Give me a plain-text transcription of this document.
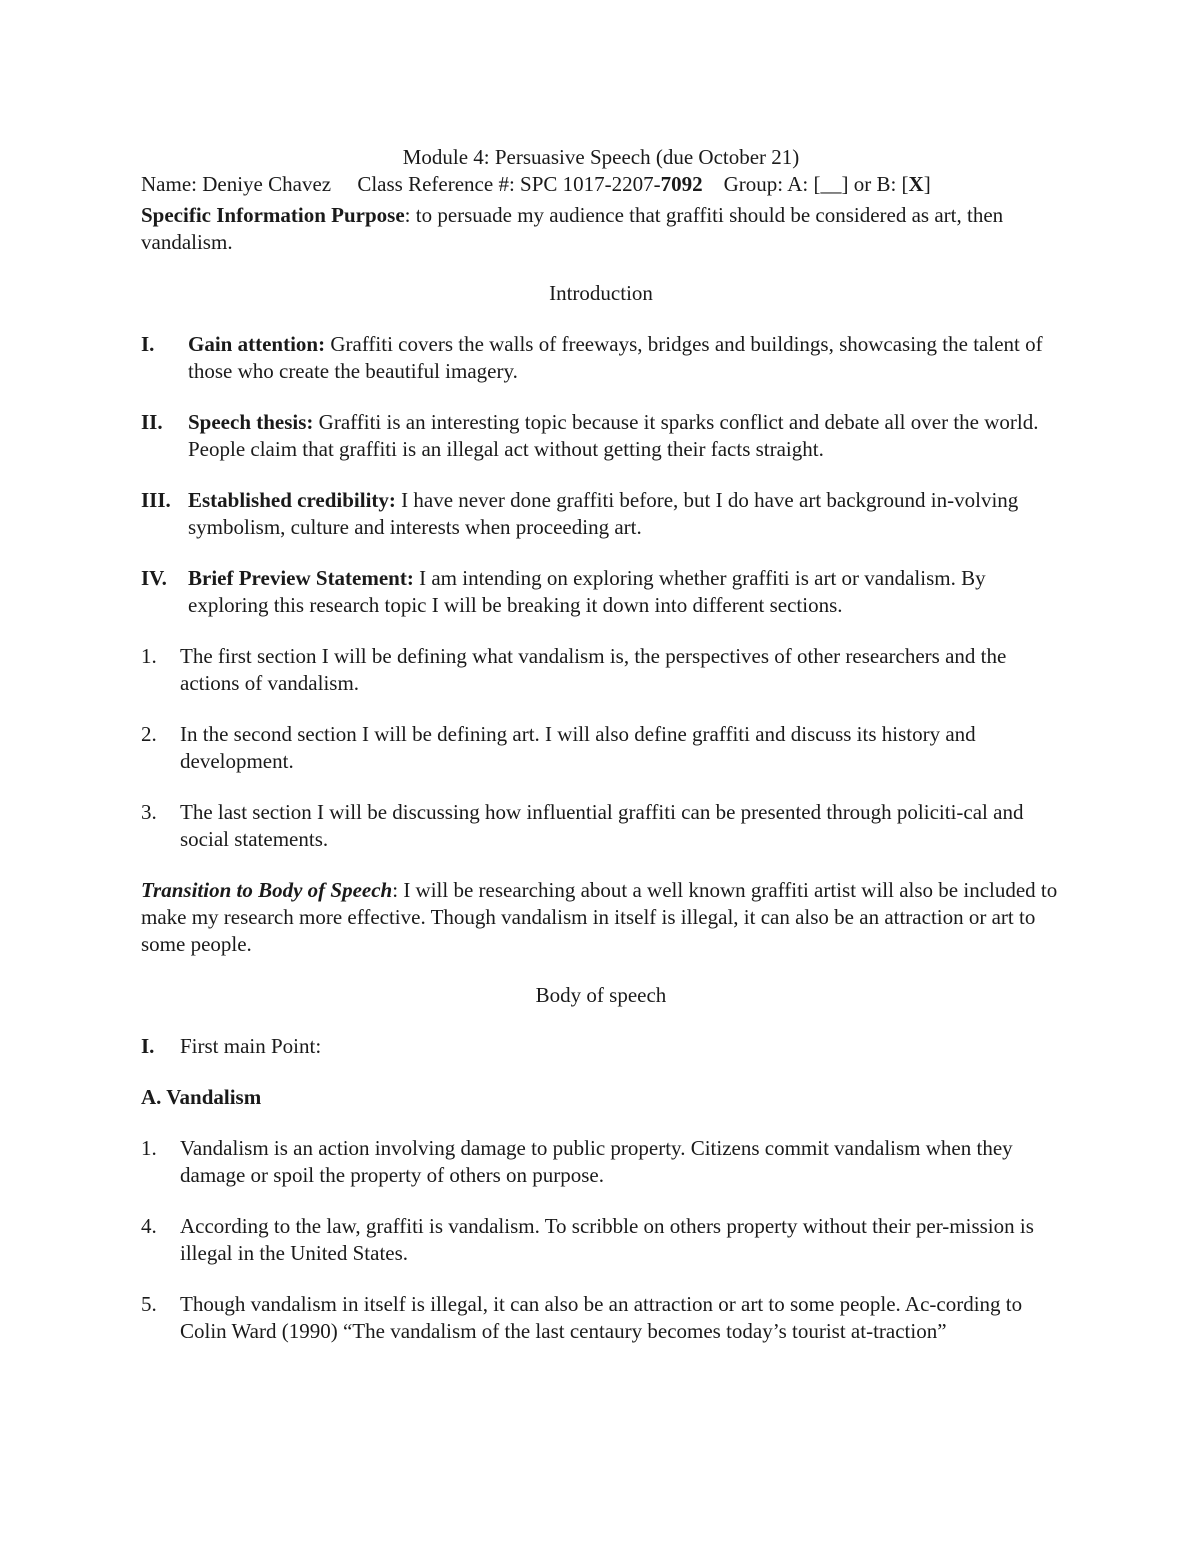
Module 4: Persuasive Speech (due October 21)

Name: Deniye Chavez Class Reference #: SPC 1017-2207-7092 Group: A: [__] or B: [X]

Specific Information Purpose: to persuade my audience that graffiti should be considered as art, then vandalism.

Introduction

I. Gain attention: Graffiti covers the walls of freeways, bridges and buildings, showcasing the talent of those who create the beautiful imagery.
II. Speech thesis: Graffiti is an interesting topic because it sparks conflict and debate all over the world. People claim that graffiti is an illegal act without getting their facts straight.
III. Established credibility: I have never done graffiti before, but I do have art background in-volving symbolism, culture and interests when proceeding art.
IV. Brief Preview Statement: I am intending on exploring whether graffiti is art or vandalism. By exploring this research topic I will be breaking it down into different sections.
1. The first section I will be defining what vandalism is, the perspectives of other researchers and the actions of vandalism.
2. In the second section I will be defining art. I will also define graffiti and discuss its history and development.
3. The last section I will be discussing how influential graffiti can be presented through policiti-cal and social statements.

Transition to Body of Speech: I will be researching about a well known graffiti artist will also be included to make my research more effective. Though vandalism in itself is illegal, it can also be an attraction or art to some people.

Body of speech

I. First main Point:

A. Vandalism

1. Vandalism is an action involving damage to public property. Citizens commit vandalism when they damage or spoil the property of others on purpose.
4. According to the law, graffiti is vandalism. To scribble on others property without their per-mission is illegal in the United States.
5. Though vandalism in itself is illegal, it can also be an attraction or art to some people. Ac-cording to Colin Ward (1990) “The vandalism of the last centaury becomes today’s tourist at-traction”
